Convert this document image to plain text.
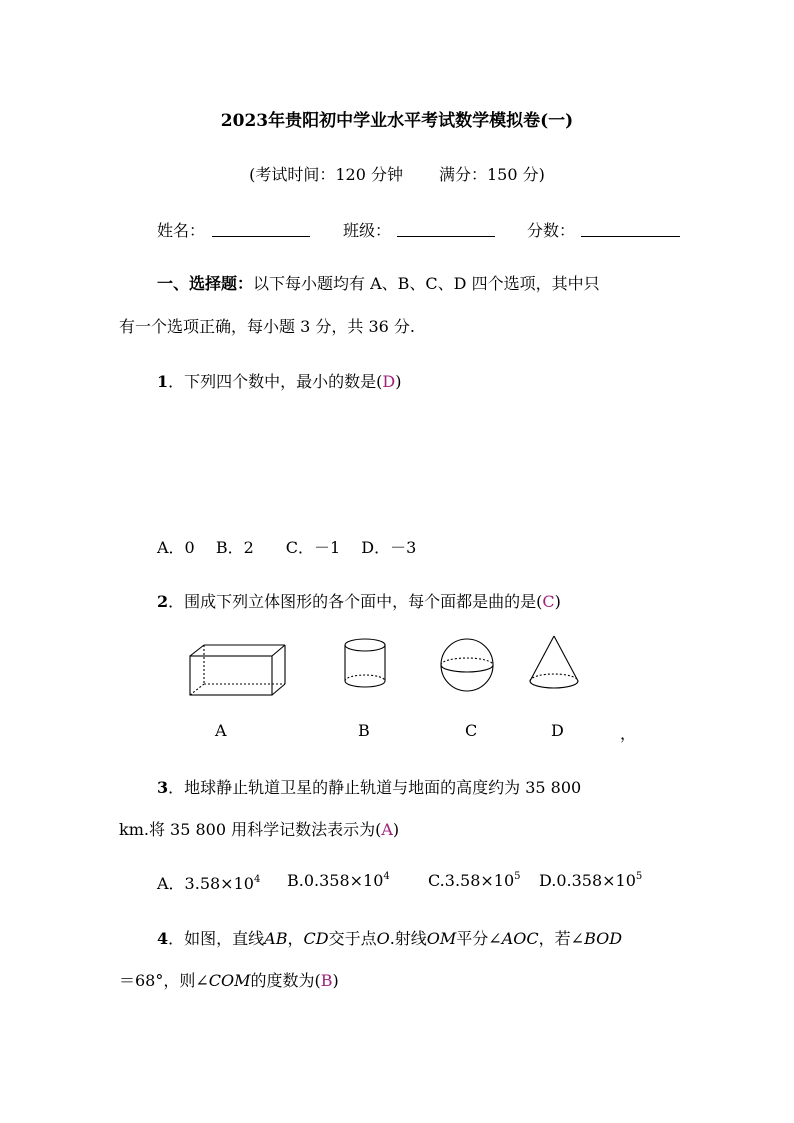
2023年贵阳初中学业水平考试数学模拟卷(一)
(考试时间：120 分钟 满分：150 分)
姓名：	班级：	分数：
一、选择题：以下每小题均有 A、B、C、D 四个选项，其中只
有一个选项正确，每小题 3 分，共 36 分.
1．下列四个数中，最小的数是(D)
A．0　 B．2　　C．－1　 D．－3
2．围成下列立体图形的各个面中，每个面都是曲的是(C)
A	B	C	D	，
3．地球静止轨道卫星的静止轨道与地面的高度约为 35 800
km.将 35 800 用科学记数法表示为(A)
A．$3.58\times 10^4$ $B.0.358\times 10^4$ $C.3.58\times 10^5$ $D.0.358\times 10^5$
4．如图，直线AB，CD交于点O.射线OM平分∠AOC，若∠BOD
＝68°，则∠COM的度数为(B)
